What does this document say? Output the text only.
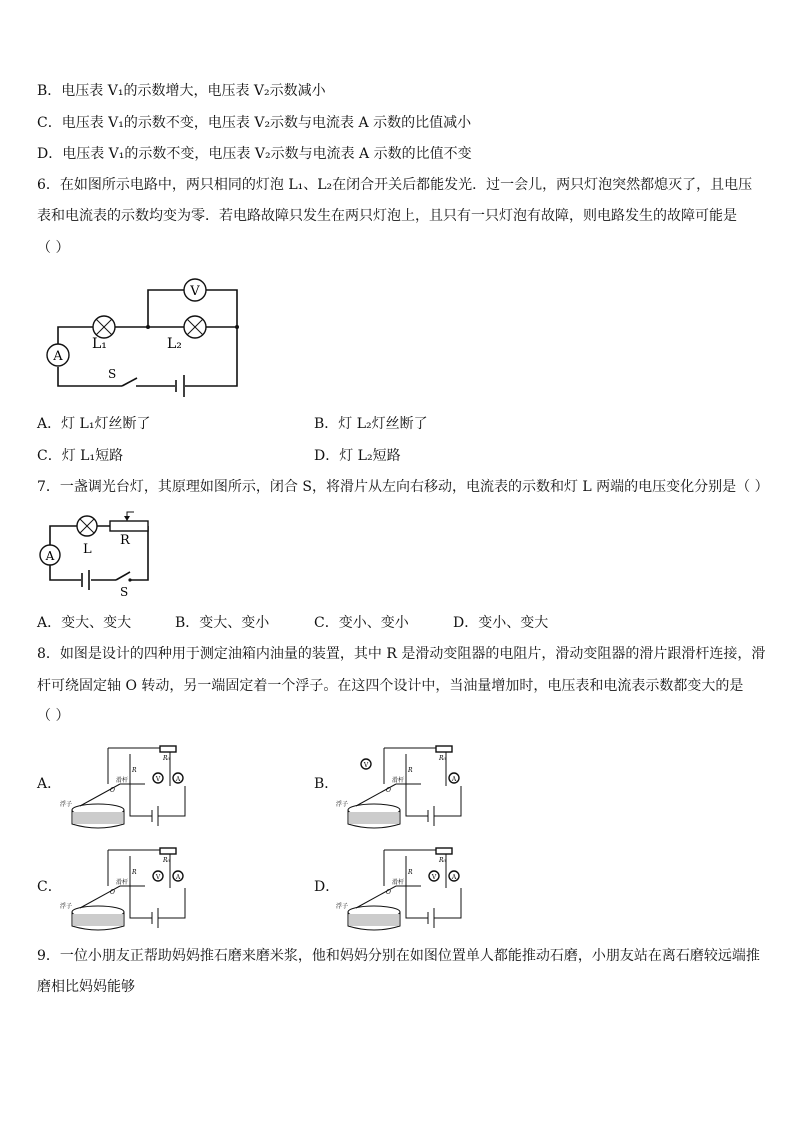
B．电压表 V₁的示数增大，电压表 V₂示数减小
C．电压表 V₁的示数不变，电压表 V₂示数与电流表 A 示数的比值减小
D．电压表 V₁的示数不变，电压表 V₂示数与电流表 A 示数的比值不变
6．在如图所示电路中，两只相同的灯泡 L₁、L₂在闭合开关后都能发光．过一会儿，两只灯泡突然都熄灭了，且电压
表和电流表的示数均变为零．若电路故障只发生在两只灯泡上，且只有一只灯泡有故障，则电路发生的故障可能是
（ ）
V
A
L₁	L₂
S
A．灯 L₁灯丝断了	B．灯 L₂灯丝断了
C．灯 L₁短路	D．灯 L₂短路
7．一盏调光台灯，其原理如图所示，闭合 S，将滑片从左向右移动，电流表的示数和灯 L 两端的电压变化分别是（ ）
A L
R
S
A．变大、变大	B．变大、变小	C．变小、变小	D．变小、变大
8．如图是设计的四种用于测定油箱内油量的装置，其中 R 是滑动变阻器的电阻片，滑动变阻器的滑片跟滑杆连接，滑
杆可绕固定轴 O 转动，另一端固定着一个浮子。在这四个设计中，当油量增加时，电压表和电流表示数都变大的是
（ ）
A．	B．
C．	D．
V	A
R
R₀
滑杆
O
浮子
V
A
R
R₀
滑杆
O
浮子
V	A
R
R₀
滑杆
O
浮子
V	A
R
R₀
滑杆
O
浮子
9．一位小朋友正帮助妈妈推石磨来磨米浆，他和妈妈分别在如图位置单人都能推动石磨，小朋友站在离石磨较远端推
磨相比妈妈能够
